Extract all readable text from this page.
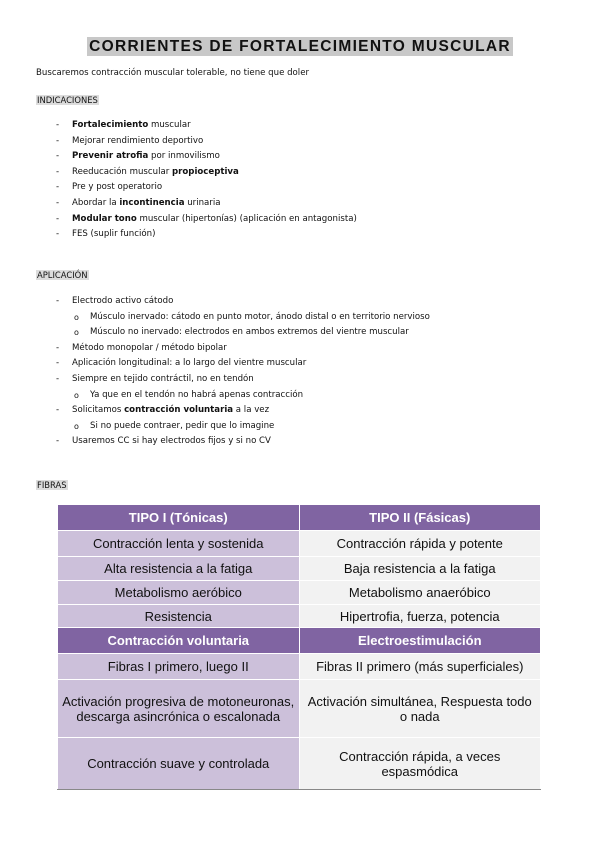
CORRIENTES DE FORTALECIMIENTO MUSCULAR
Buscaremos contracción muscular tolerable, no tiene que doler
INDICACIONES
- Fortalecimiento muscular
- Mejorar rendimiento deportivo
- Prevenir atrofia por inmovilismo
- Reeducación muscular propioceptiva
- Pre y post operatorio
- Abordar la incontinencia urinaria
- Modular tono muscular (hipertonías) (aplicación en antagonista)
- FES (suplir función)
APLICACIÓN
- Electrodo activo cátodo
o Músculo inervado: cátodo en punto motor, ánodo distal o en territorio nervioso
o Músculo no inervado: electrodos en ambos extremos del vientre muscular
- Método monopolar / método bipolar
- Aplicación longitudinal: a lo largo del vientre muscular
- Siempre en tejido contráctil, no en tendón
o Ya que en el tendón no habrá apenas contracción
- Solicitamos contracción voluntaria a la vez
o Si no puede contraer, pedir que lo imagine
- Usaremos CC si hay electrodos fijos y si no CV
FIBRAS
TIPO I (Tónicas)	TIPO II (Fásicas)
Contracción lenta y sostenida	Contracción rápida y potente
Alta resistencia a la fatiga	Baja resistencia a la fatiga
Metabolismo aeróbico	Metabolismo anaeróbico
Resistencia	Hipertrofia, fuerza, potencia
Contracción voluntaria	Electroestimulación
Fibras I primero, luego II	Fibras II primero (más superficiales)
Activación progresiva de motoneuronas, descarga asincrónica o escalonada	Activación simultánea, Respuesta todo o nada
Contracción suave y controlada	Contracción rápida, a veces espasmódica
